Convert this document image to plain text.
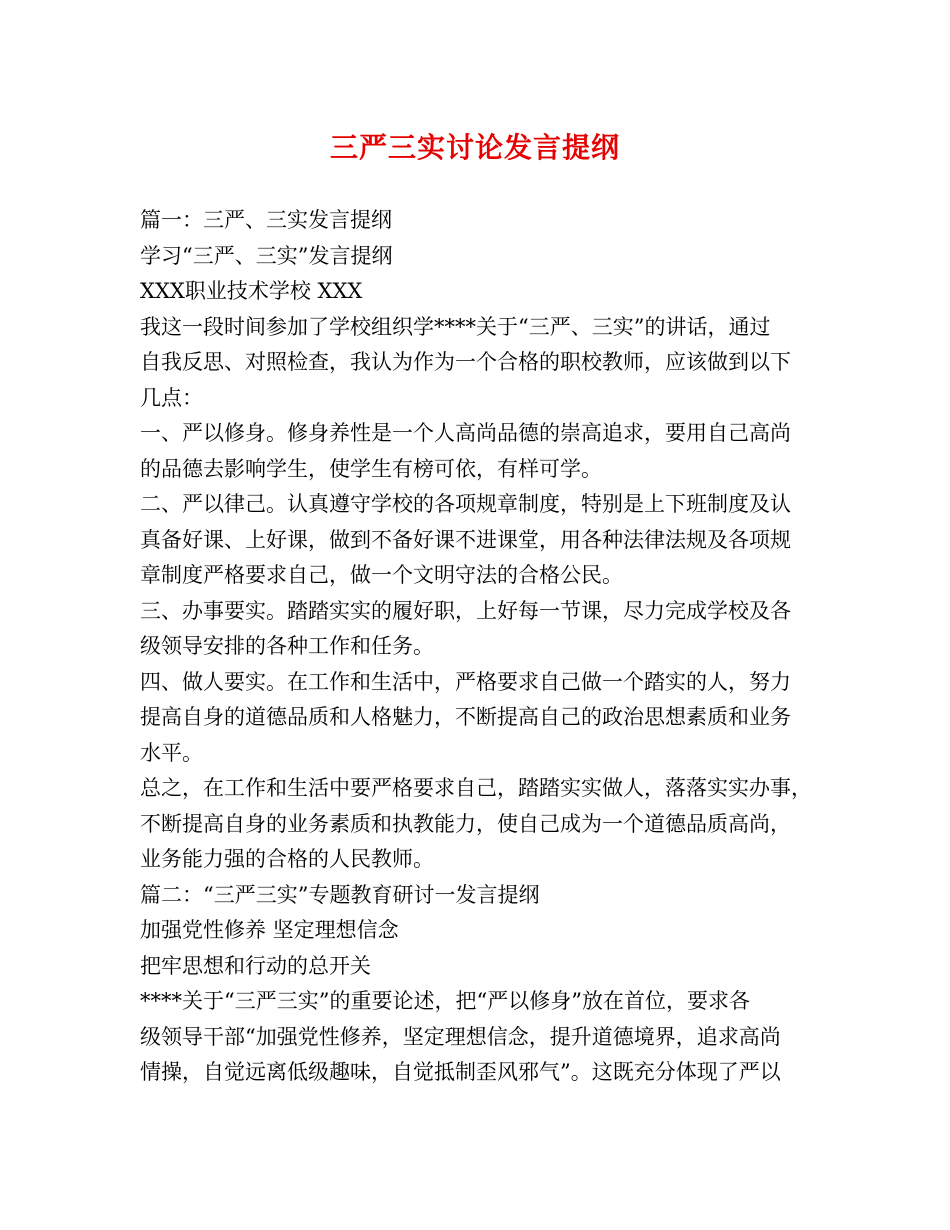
三严三实讨论发言提纲
篇一：三严、三实发言提纲
学习“三严、三实”发言提纲
XXX职业技术学校 XXX
我这一段时间参加了学校组织学****关于“三严、三实”的讲话，通过
自我反思、对照检查，我认为作为一个合格的职校教师，应该做到以下
几点：
一、严以修身。修身养性是一个人高尚品德的崇高追求，要用自己高尚
的品德去影响学生，使学生有榜可依，有样可学。
二、严以律己。认真遵守学校的各项规章制度，特别是上下班制度及认
真备好课、上好课，做到不备好课不进课堂，用各种法律法规及各项规
章制度严格要求自己，做一个文明守法的合格公民。
三、办事要实。踏踏实实的履好职，上好每一节课，尽力完成学校及各
级领导安排的各种工作和任务。
四、做人要实。在工作和生活中，严格要求自己做一个踏实的人，努力
提高自身的道德品质和人格魅力，不断提高自己的政治思想素质和业务
水平。
总之，在工作和生活中要严格要求自己，踏踏实实做人，落落实实办事，
不断提高自身的业务素质和执教能力，使自己成为一个道德品质高尚，
业务能力强的合格的人民教师。
篇二：“三严三实”专题教育研讨一发言提纲
加强党性修养 坚定理想信念
把牢思想和行动的总开关
****关于“三严三实”的重要论述，把“严以修身”放在首位，要求各
级领导干部“加强党性修养，坚定理想信念，提升道德境界，追求高尚
情操，自觉远离低级趣味，自觉抵制歪风邪气”。这既充分体现了严以
